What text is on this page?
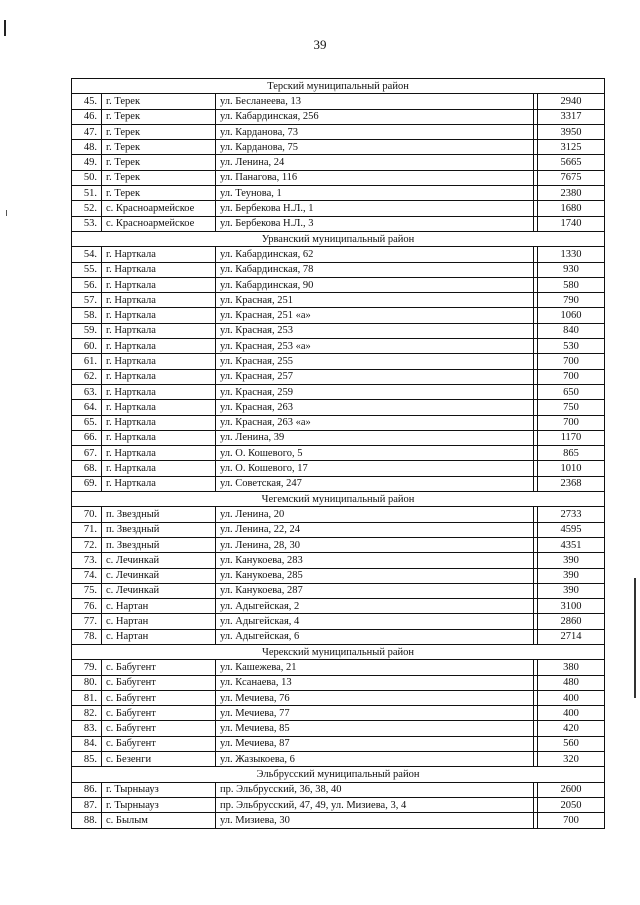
39
Терский муниципальный район				
45.	г. Терек	ул. Бесланеева, 13		2940
46.	г. Терек	ул. Кабардинская, 256		3317
47.	г. Терек	ул. Карданова, 73		3950
48.	г. Терек	ул. Карданова, 75		3125
49.	г. Терек	ул. Ленина, 24		5665
50.	г. Терек	ул. Панагова, 116		7675
51.	г. Терек	ул. Теунова, 1		2380
52.	с. Красноармейское	ул. Бербекова Н.Л., 1		1680
53.	с. Красноармейское	ул. Бербекова Н.Л., 3		1740
Урванский муниципальный район				
54.	г. Нарткала	ул. Кабардинская, 62		1330
55.	г. Нарткала	ул. Кабардинская, 78		930
56.	г. Нарткала	ул. Кабардинская, 90		580
57.	г. Нарткала	ул. Красная, 251		790
58.	г. Нарткала	ул. Красная, 251 «а»		1060
59.	г. Нарткала	ул. Красная, 253		840
60.	г. Нарткала	ул. Красная, 253 «а»		530
61.	г. Нарткала	ул. Красная, 255		700
62.	г. Нарткала	ул. Красная, 257		700
63.	г. Нарткала	ул. Красная, 259		650
64.	г. Нарткала	ул. Красная, 263		750
65.	г. Нарткала	ул. Красная, 263 «а»		700
66.	г. Нарткала	ул. Ленина, 39		1170
67.	г. Нарткала	ул. О. Кошевого, 5		865
68.	г. Нарткала	ул. О. Кошевого, 17		1010
69.	г. Нарткала	ул. Советская, 247		2368
Чегемский муниципальный район				
70.	п. Звездный	ул. Ленина, 20		2733
71.	п. Звездный	ул. Ленина, 22, 24		4595
72.	п. Звездный	ул. Ленина, 28, 30		4351
73.	с. Лечинкай	ул. Канукоева, 283		390
74.	с. Лечинкай	ул. Канукоева, 285		390
75.	с. Лечинкай	ул. Канукоева, 287		390
76.	с. Нартан	ул. Адыгейская, 2		3100
77.	с. Нартан	ул. Адыгейская, 4		2860
78.	с. Нартан	ул. Адыгейская, 6		2714
Черекский муниципальный район				
79.	с. Бабугент	ул. Кашежева, 21		380
80.	с. Бабугент	ул. Ксанаева, 13		480
81.	с. Бабугент	ул. Мечиева, 76		400
82.	с. Бабугент	ул. Мечиева, 77		400
83.	с. Бабугент	ул. Мечиева, 85		420
84.	с. Бабугент	ул. Мечиева, 87		560
85.	с. Безенги	ул. Жазыкоева, 6		320
Эльбрусский муниципальный район				
86.	г. Тырныауз	пр. Эльбрусский, 36, 38, 40		2600
87.	г. Тырныауз	пр. Эльбрусский, 47, 49, ул. Мизиева, 3, 4		2050
88.	с. Былым	ул. Мизиева, 30		700
